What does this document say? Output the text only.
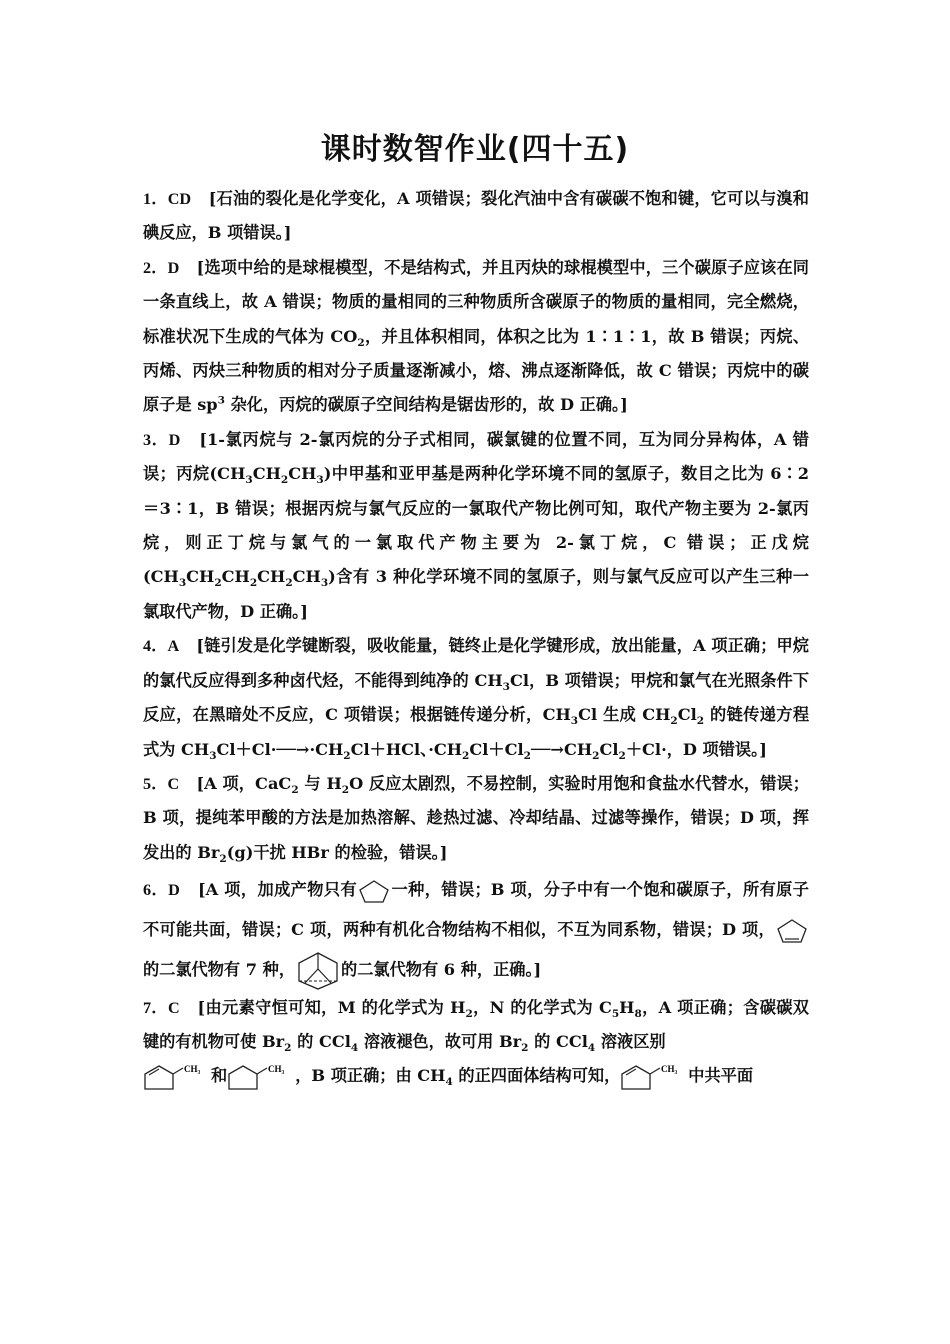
课时数智作业(四十五)
1．CD [石油的裂化是化学变化，A 项错误；裂化汽油中含有碳碳不饱和键，它可以与溴和碘反应，B 项错误。]
2．D [选项中给的是球棍模型，不是结构式，并且丙炔的球棍模型中，三个碳原子应该在同一条直线上，故 A 错误；物质的量相同的三种物质所含碳原子的物质的量相同，完全燃烧，标准状况下生成的气体为 $CO_2$，并且体积相同，体积之比为 1∶1∶1，故 B 错误；丙烷、丙烯、丙炔三种物质的相对分子质量逐渐减小，熔、沸点逐渐降低，故 C 错误；丙烷中的碳原子是 $sp^3$ 杂化，丙烷的碳原子空间结构是锯齿形的，故 D 正确。]
3．D [1-氯丙烷与 2-氯丙烷的分子式相同，碳氯键的位置不同，互为同分异构体，A 错误；丙烷$(CH_3CH_2CH_3)$中甲基和亚甲基是两种化学环境不同的氢原子，数目之比为 6∶2＝3∶1，B 错误；根据丙烷与氯气反应的一氯取代产物比例可知，取代产物主要为 2-氯丙烷，则正丁烷与氯气的一氯取代产物主要为 2-氯丁烷，C 错误；正戊烷$(CH_3CH_2CH_2CH_2CH_3)$含有 3 种化学环境不同的氢原子，则与氯气反应可以产生三种一氯取代产物，D 正确。]
4．A [链引发是化学键断裂，吸收能量，链终止是化学键形成，放出能量，A 项正确；甲烷的氯代反应得到多种卤代烃，不能得到纯净的 $CH_3Cl$，B 项错误；甲烷和氯气在光照条件下反应，在黑暗处不反应，C 项错误；根据链传递分析，$CH_3Cl$ 生成 $CH_2Cl_2$ 的链传递方程式为 $CH_3Cl+Cl\cdot──\to\cdot CH_2Cl+HCl$、$\cdot CH_2Cl+Cl_2──\to CH_2Cl_2+Cl\cdot$，D 项错误。]
5．C [A 项，CaC$_2$ 与 $H_2O$ 反应太剧烈，不易控制，实验时用饱和食盐水代替水，错误；B 项，提纯苯甲酸的方法是加热溶解、趁热过滤、冷却结晶、过滤等操作，错误；D 项，挥发出的 $Br_2(g)$干扰 HBr 的检验，错误。]
6．D [A 项，加成产物只有 一种，错误；B 项，分子中有一个饱和碳原子，所有原子不可能共面，错误；C 项，两种有机化合物结构不相似，不互为同系物，错误；D 项，的二氯代物有 7 种，	的二氯代物有 6 种，正确。]
7．C [由元素守恒可知，M 的化学式为 $H_2$，N 的化学式为 $C_5H_8$，A 项正确；含碳碳双键的有机物可使 $Br_2$ 的 CCl$_4$ 溶液褪色，故可用 $Br_2$ 的 CCl$_4$ 溶液区别

CH₃ 和	CH₃ ，B 项正确；由 $CH_4$ 的正四面体结构可知，	CH₃ 中共平面
